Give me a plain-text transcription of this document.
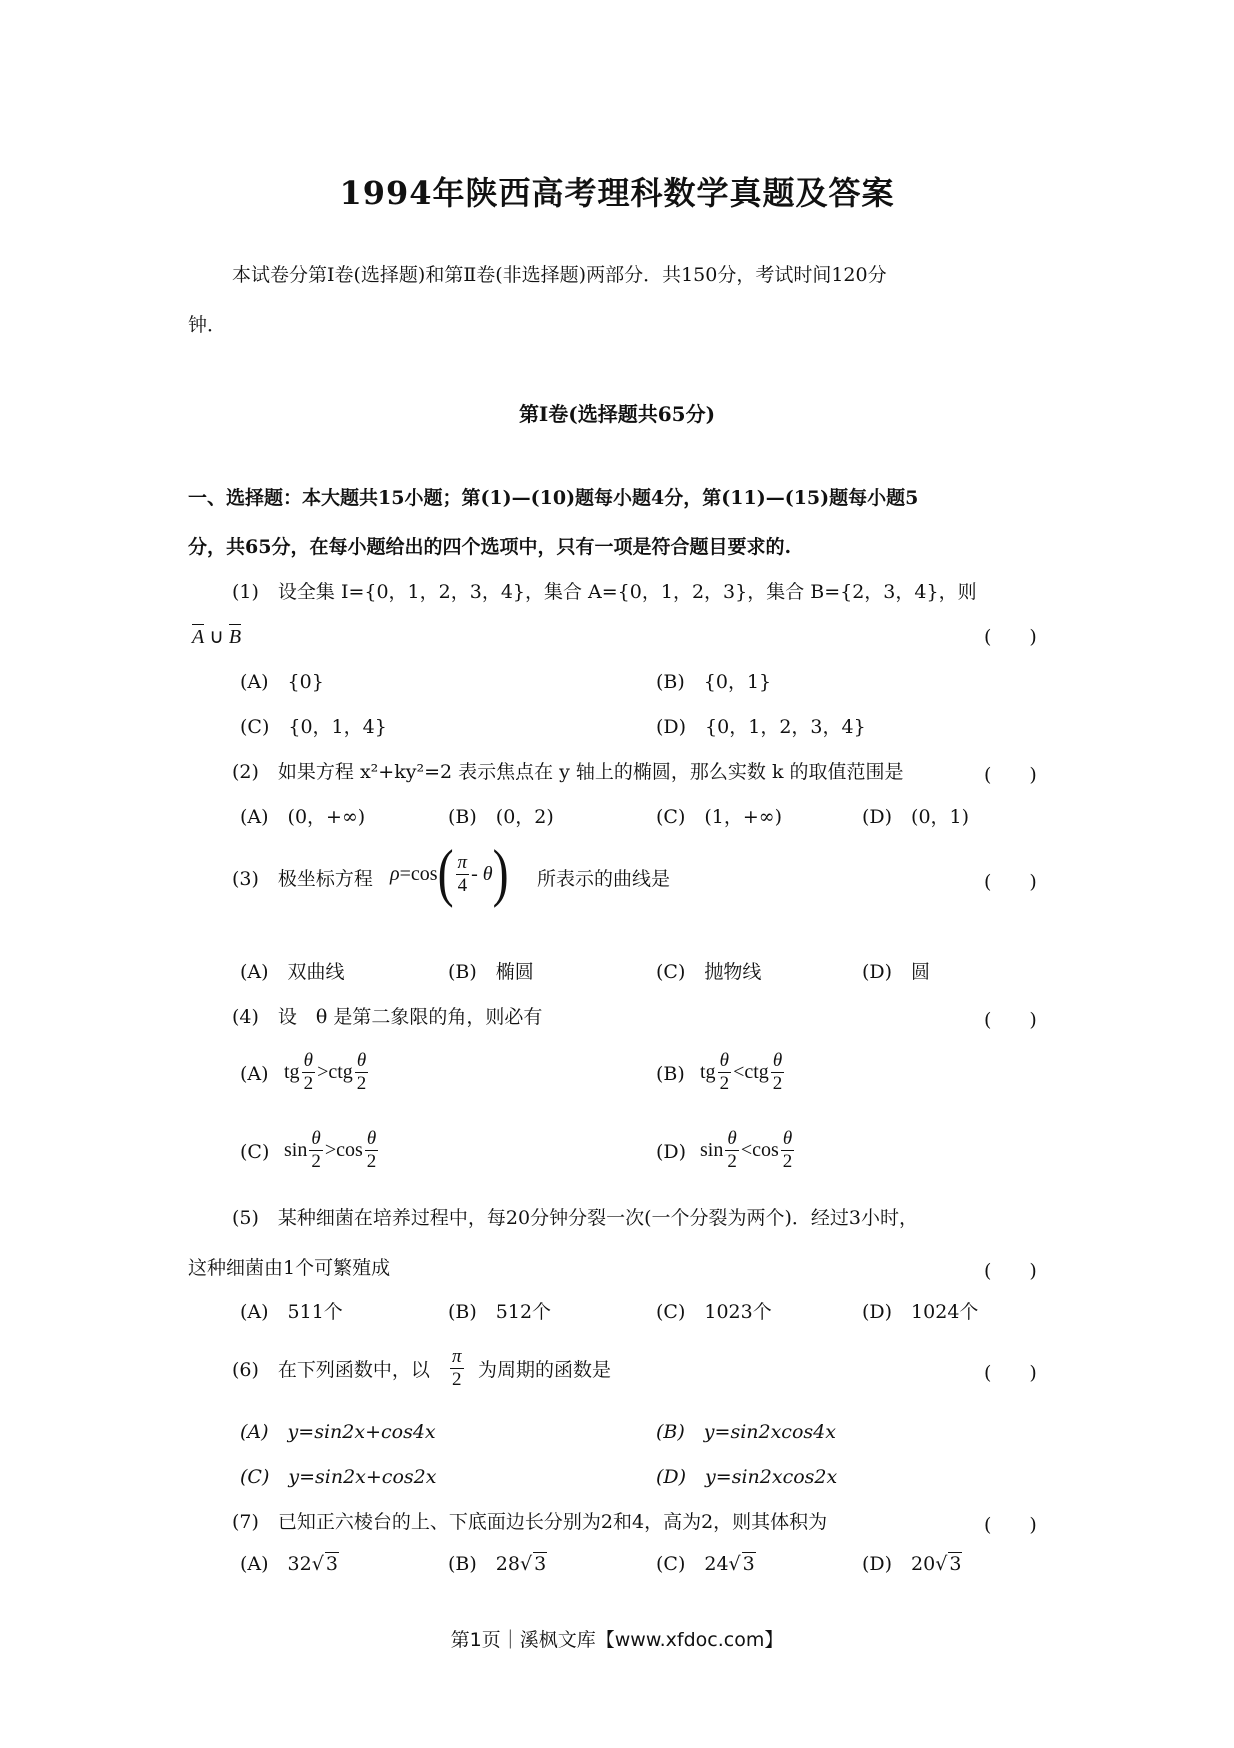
1994年陕西高考理科数学真题及答案
本试卷分第Ⅰ卷(选择题)和第Ⅱ卷(非选择题)两部分．共150分，考试时间120分
钟．
第Ⅰ卷(选择题共65分)
一、选择题：本大题共15小题；第(1)—(10)题每小题4分，第(11)—(15)题每小题5
分，共65分，在每小题给出的四个选项中，只有一项是符合题目要求的.
(1)　设全集 I={0，1，2，3，4}，集合 A={0，1，2，3}，集合 B={2，3，4}，则
A ∪ B	(　　)
(A)　{0}	(B)　{0，1}
(C)　{0，1，4}	(D)　{0，1，2，3，4}
(2)　如果方程 x²+ky²=2 表示焦点在 y 轴上的椭圆，那么实数 k 的取值范围是	(　　)
(A)　(0，+∞)	(B)　(0，2)	(C)　(1，+∞)	(D)　(0，1)
(3)　极坐标方程 ρ =cos ( $\frac{\pi}{4}$ - θ ) 所表示的曲线是	(　　)
(A)　双曲线	(B)　椭圆	(C)　抛物线	(D)　圆
(4)　设　θ 是第二象限的角，则必有	(　　)
(A) tg $\frac{\theta}{2}$ > ctg $\frac{\theta}{2}$	(B) tg $\frac{\theta}{2}$ < ctg $\frac{\theta}{2}$
(C) $\sin \frac{\theta}{2} > \cos \frac{\theta}{2}$	(D) $\sin \frac{\theta}{2} < \cos \frac{\theta}{2}$
(5)　某种细菌在培养过程中，每20分钟分裂一次(一个分裂为两个)．经过3小时，
这种细菌由1个可繁殖成	(　　)
(A)　511个	(B)　512个	(C)　1023个	(D)　1024个
(6)　在下列函数中，以 $\frac{\pi}{2}$ 为周期的函数是	(　　)
(A)　y=sin2x+cos4x	(B)　y=sin2xcos4x
(C)　y=sin2x+cos2x	(D)　y=sin2xcos2x
(7)　已知正六棱台的上、下底面边长分别为2和4，高为2，则其体积为	(　　)
(A)　32√ 3	(B)　28√ 3	(C)　24√ 3	(D)　20√ 3
第1页｜溪枫文库【www.xfdoc.com】
